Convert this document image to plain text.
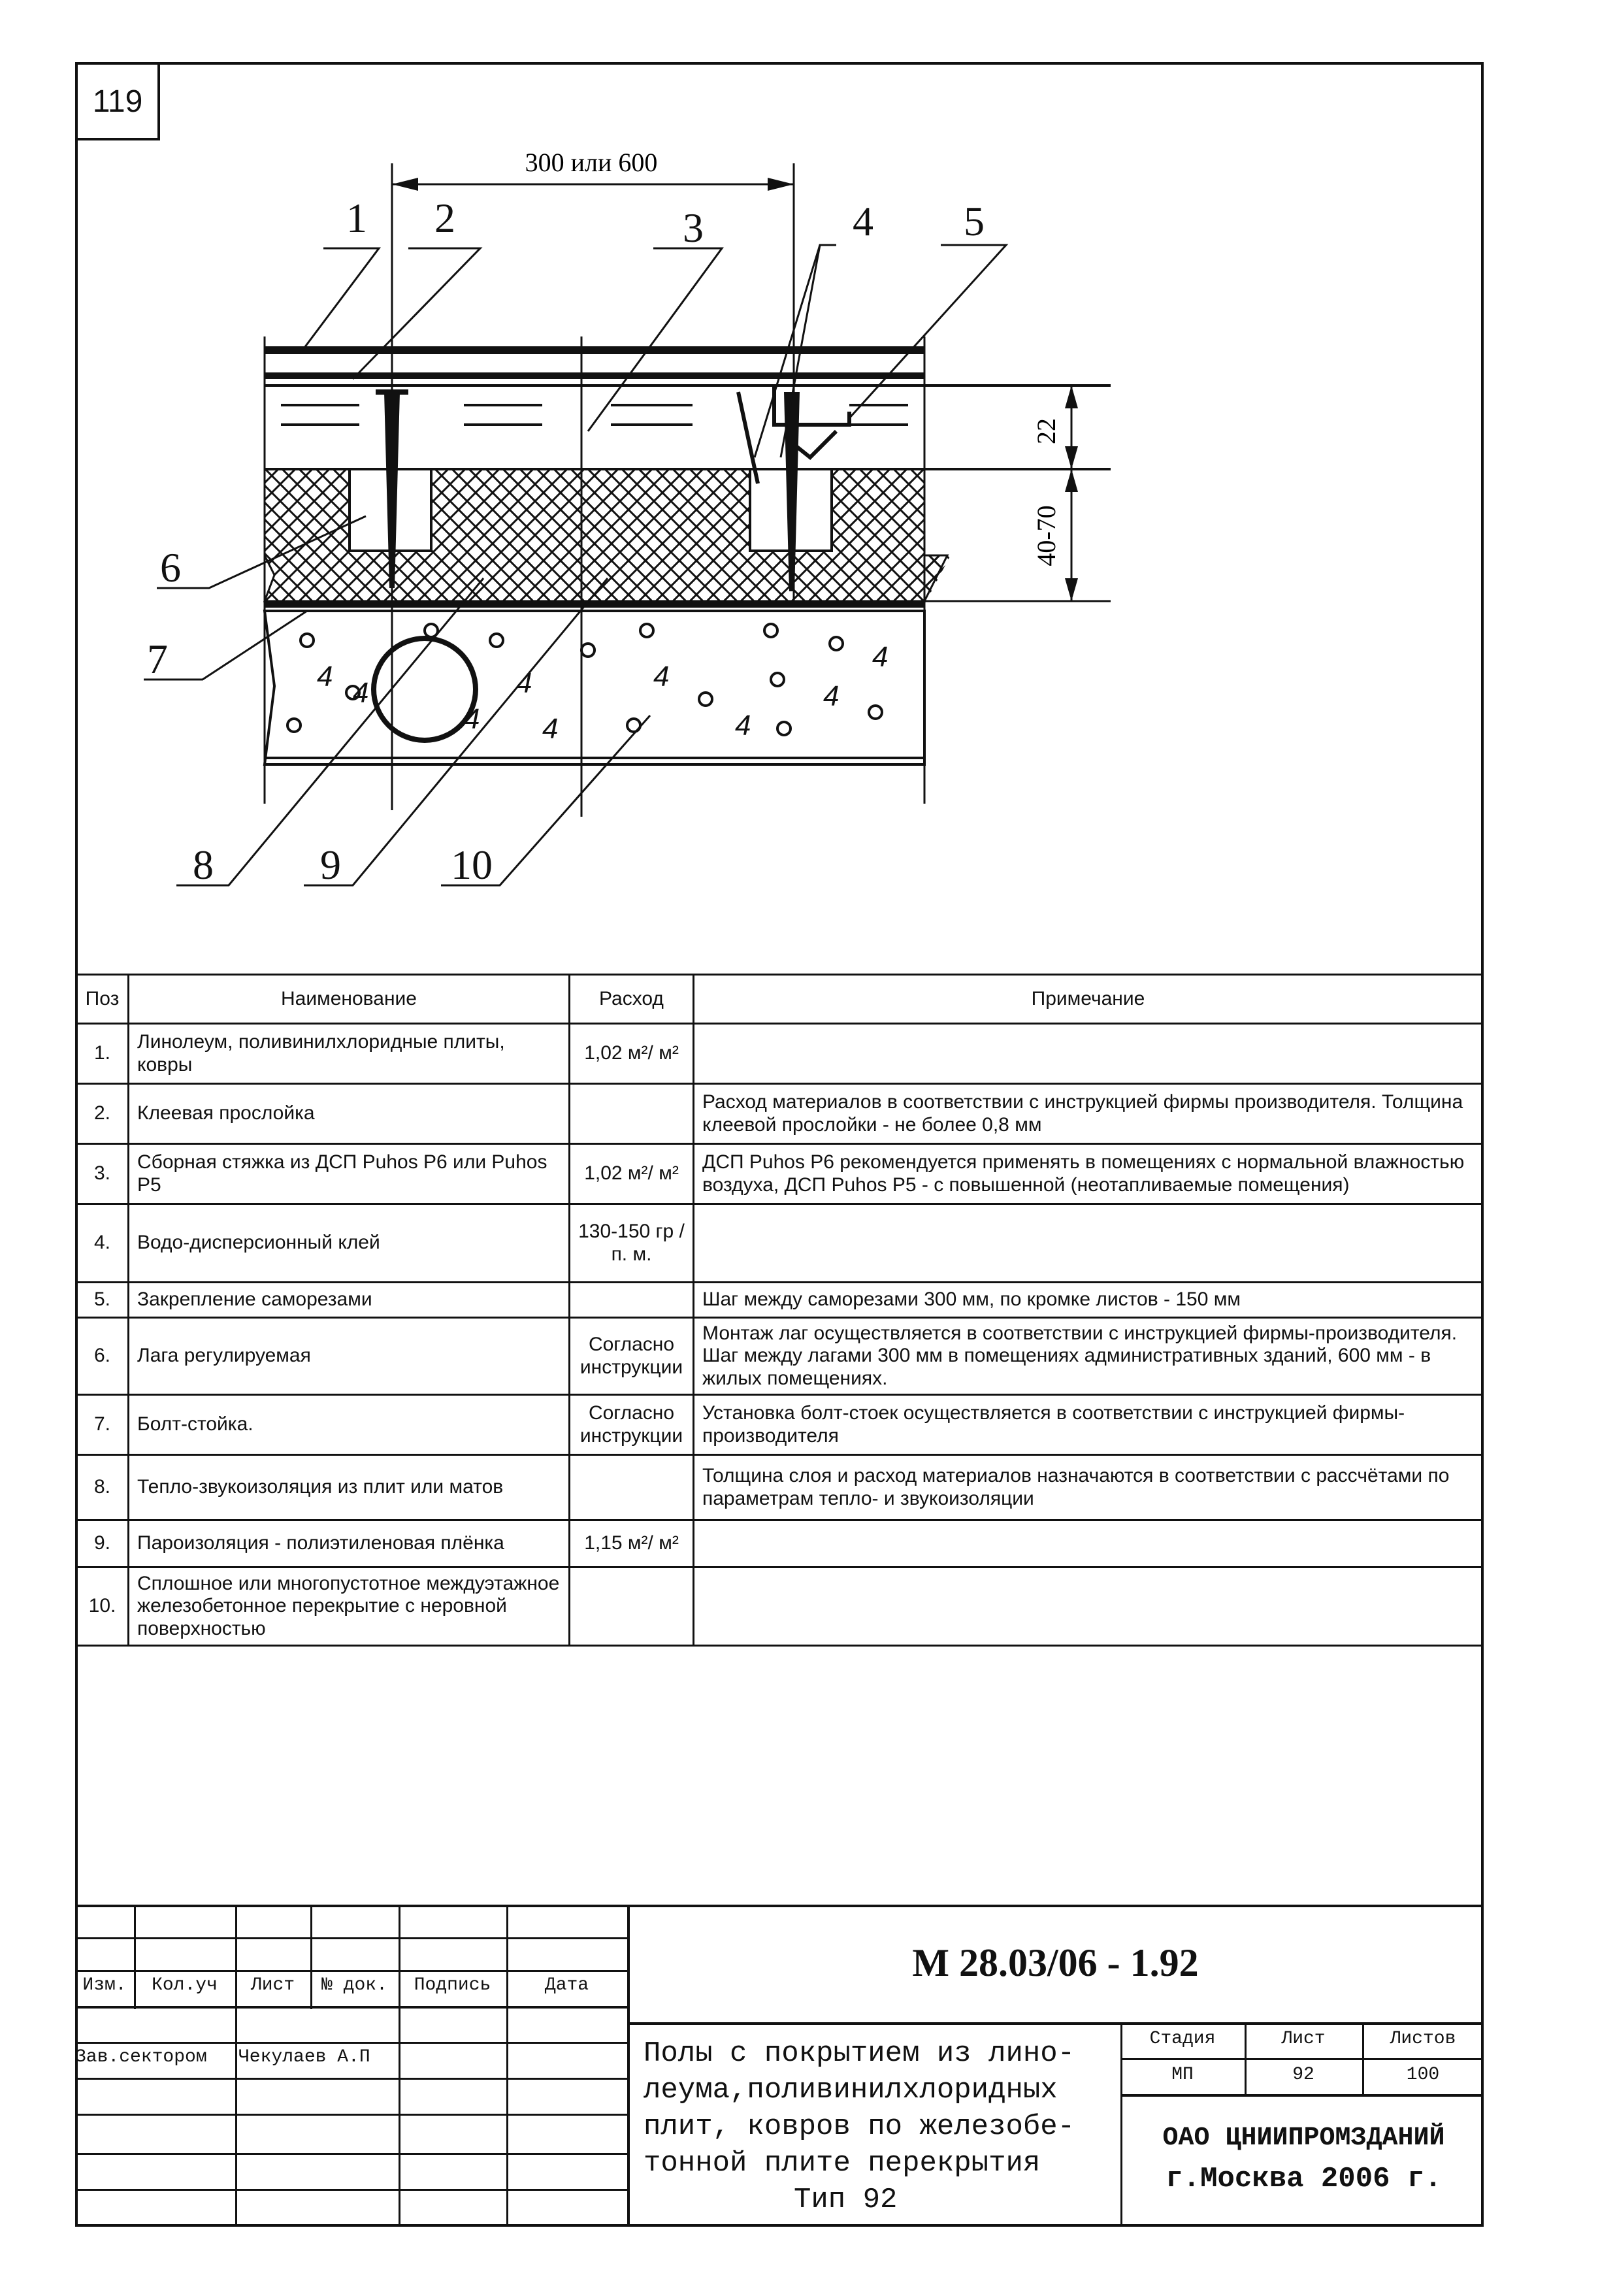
119
300 или 600
4
4	4
4 4
4
4
4
4
22
40-70
1 2	3	4 5
6
7
8	9	10
Поз	Наименование	Расход	Примечание
1.	Линолеум, поливинилхлоридные плиты, ковры	1,02 м²/ м²	
2.	Клеевая прослойка		Расход материалов в соответствии с инструкцией фирмы производителя. Толщина клеевой прослойки - не более 0,8 мм
3.	Сборная стяжка из ДСП Puhos P6 или Puhos P5	1,02 м²/ м²	ДСП Puhos P6 рекомендуется применять в помещениях с нормальной влажностью воздуха, ДСП Puhos P5 - с повышенной (неотапливаемые помещения)
4.	Водо-дисперсионный клей	130-150 гр /п. м.	
5.	Закрепление саморезами		Шаг между саморезами 300 мм, по кромке листов - 150 мм
6.	Лага регулируемая	Согласно инструкции	Монтаж лаг осуществляется в соответствии с инструкцией фирмы-производителя. Шаг между лагами 300 мм в помещениях административных зданий, 600 мм - в жилых помещениях.
7.	Болт-стойка.	Согласно инструкции	Установка болт-стоек осуществляется в соответствии с инструкцией фирмы-производителя
8.	Тепло-звукоизоляция из плит или матов		Толщина слоя и расход материалов назначаются в соответствии с рассчётами по параметрам тепло- и звукоизоляции
9.	Пароизоляция - полиэтиленовая плёнка	1,15 м²/ м²	
10.	Сплошное или многопустотное междуэтажное железобетонное перекрытие с неровной поверхностью		
Изм.	Кол.уч	Лист	№ док.	Подпись	Дата
Зав.сектором	Чекулаев А.П
М 28.03/06 - 1.92
Полы с покрытием из лино-
леума,поливинилхлоридных
плит, ковров по железобе-
тонной плите перекрытия
Тип 92
Стадия	Лист	Листов
МП	92	100
ОАО ЦНИИПРОМЗДАНИЙ
г.Москва 2006 г.
